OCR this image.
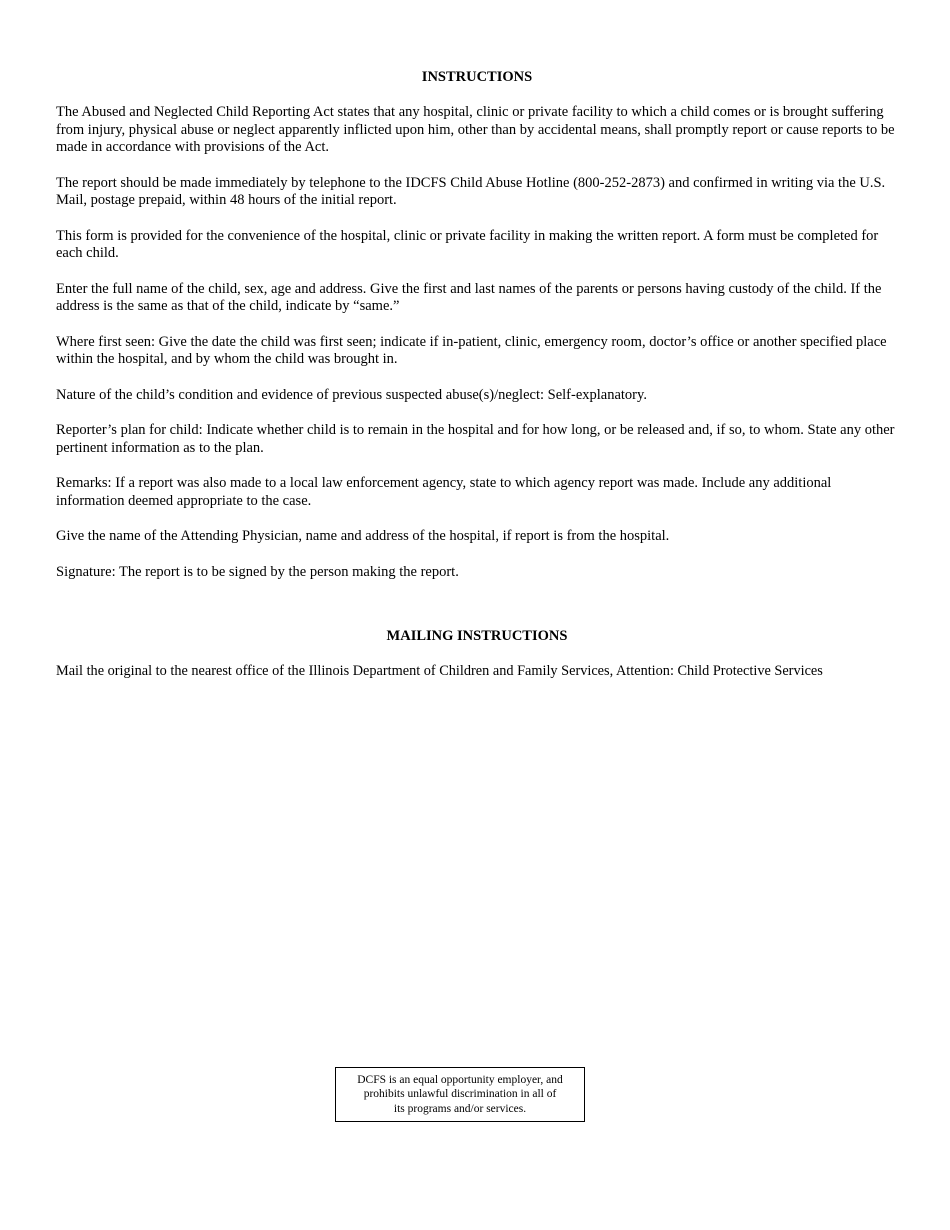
INSTRUCTIONS

The Abused and Neglected Child Reporting Act states that any hospital, clinic or private facility to which a child comes or is brought suffering from injury, physical abuse or neglect apparently inflicted upon him, other than by accidental means, shall promptly report or cause reports to be made in accordance with provisions of the Act.

The report should be made immediately by telephone to the IDCFS Child Abuse Hotline (800-252-2873) and confirmed in writing via the U.S. Mail, postage prepaid, within 48 hours of the initial report.

This form is provided for the convenience of the hospital, clinic or private facility in making the written report. A form must be completed for each child.

Enter the full name of the child, sex, age and address. Give the first and last names of the parents or persons having custody of the child. If the address is the same as that of the child, indicate by “same.”

Where first seen: Give the date the child was first seen; indicate if in-patient, clinic, emergency room, doctor’s office or another specified place within the hospital, and by whom the child was brought in.

Nature of the child’s condition and evidence of previous suspected abuse(s)/neglect: Self-explanatory.

Reporter’s plan for child: Indicate whether child is to remain in the hospital and for how long, or be released and, if so, to whom. State any other pertinent information as to the plan.

Remarks: If a report was also made to a local law enforcement agency, state to which agency report was made. Include any additional information deemed appropriate to the case.

Give the name of the Attending Physician, name and address of the hospital, if report is from the hospital.

Signature: The report is to be signed by the person making the report.

MAILING INSTRUCTIONS

Mail the original to the nearest office of the Illinois Department of Children and Family Services, Attention: Child Protective Services

DCFS is an equal opportunity employer, and
prohibits unlawful discrimination in all of
its programs and/or services.
